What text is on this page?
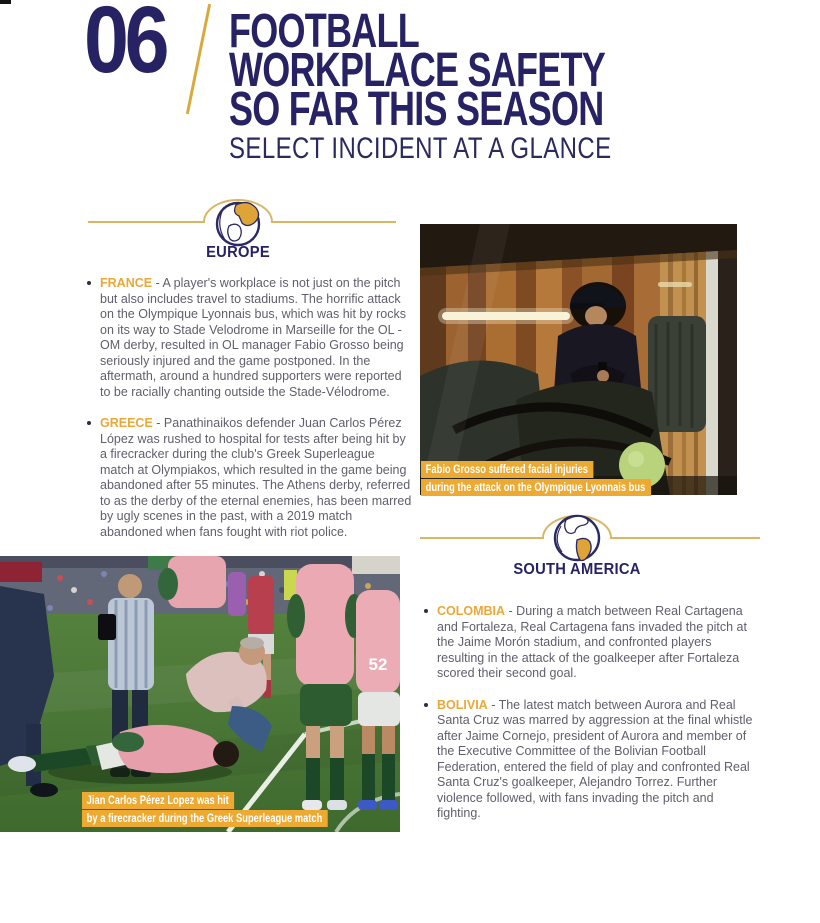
06 FOOTBALL
WORKPLACE SAFETY
SO FAR THIS SEASON
SELECT INCIDENT AT A GLANCE
EUROPE
FRANCE - A player's workplace is not just on the pitch but also includes travel to stadiums. The horrific attack on the Olympique Lyonnais bus, which was hit by rocks on its way to Stade Velodrome in Marseille for the OL - OM derby, resulted in OL manager Fabio Grosso being seriously injured and the game postponed. In the aftermath, around a hundred supporters were reported to be racially chanting outside the Stade-Vélodrome.
GREECE - Panathinaikos defender Juan Carlos Pérez López was rushed to hospital for tests after being hit by a firecracker during the club's Greek Superleague match at Olympiakos, which resulted in the game being abandoned after 55 minutes. The Athens derby, referred to as the derby of the eternal enemies, has been marred by ugly scenes in the past, with a 2019 match abandoned when fans fought with riot police.
Fabio Grosso suffered facial injuries
during the attack on the Olympique Lyonnais bus
SOUTH AMERICA
COLOMBIA - During a match between Real Cartagena and Fortaleza, Real Cartagena fans invaded the pitch at the Jaime Morón stadium, and confronted players resulting in the attack of the goalkeeper after Fortaleza scored their second goal.
BOLIVIA - The latest match between Aurora and Real Santa Cruz was marred by aggression at the final whistle after Jaime Cornejo, president of Aurora and member of the Executive Committee of the Bolivian Football Federation, entered the field of play and confronted Real Santa Cruz's goalkeeper, Alejandro Torrez. Further violence followed, with fans invading the pitch and fighting.
52
Jian Carlos Pérez Lopez was hit
by a firecracker during the Greek Superleague match
